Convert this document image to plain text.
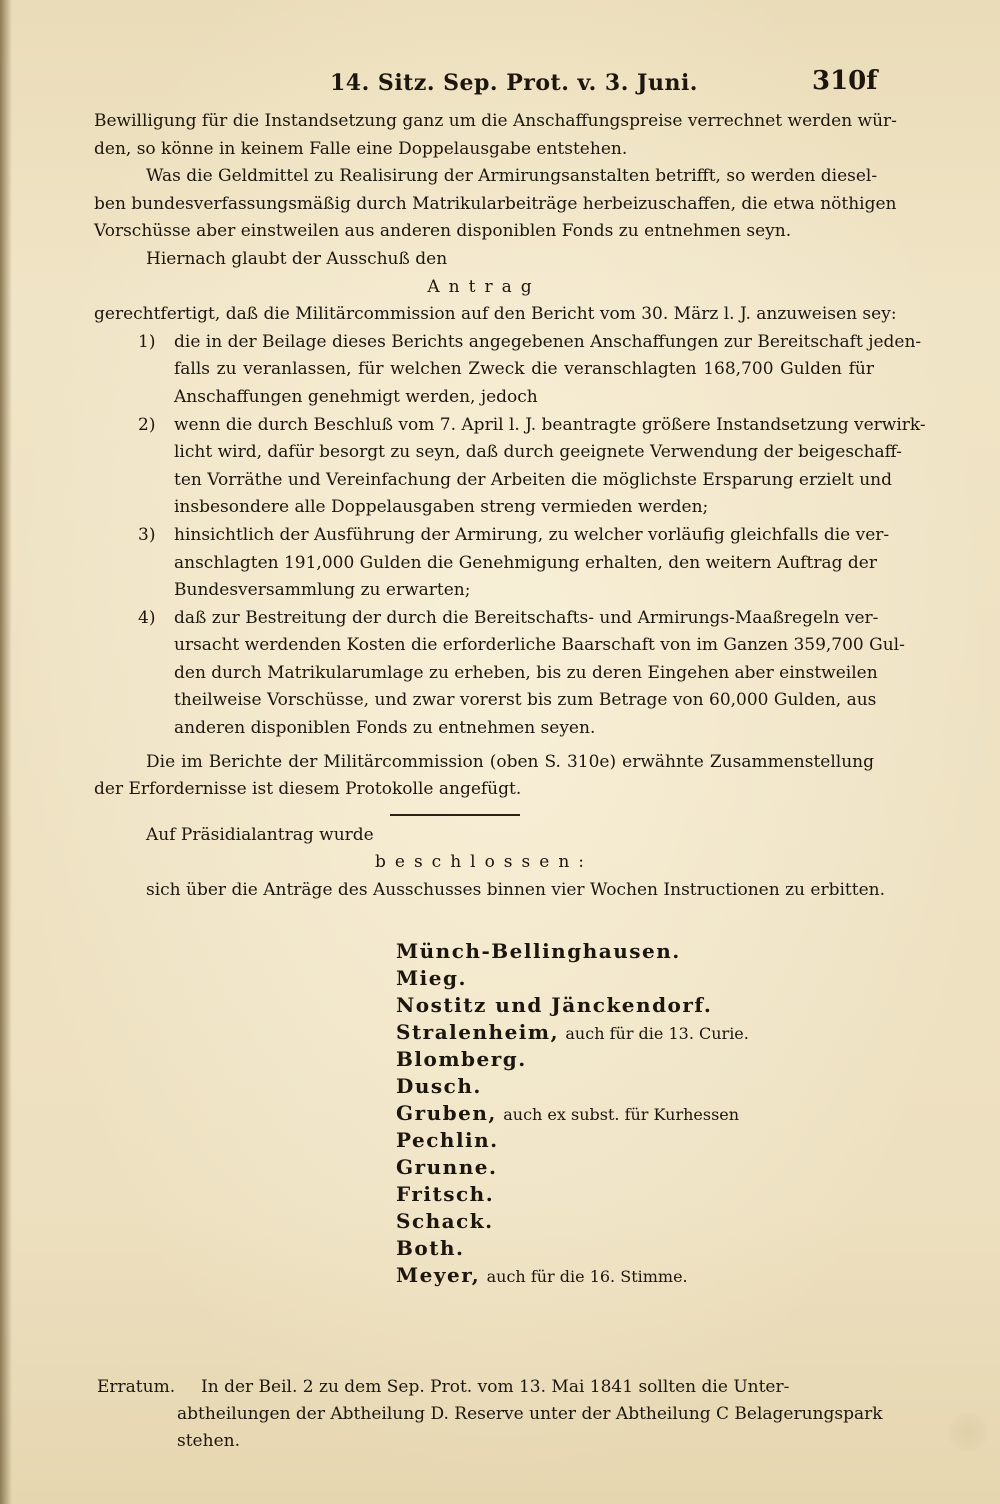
14. Sitz. Sep. Prot. v. 3. Juni.	310f
Bewilligung für die Instandsetzung ganz um die Anschaffungspreise verrechnet werden wür-
den, so könne in keinem Falle eine Doppelausgabe entstehen.
Was die Geldmittel zu Realisirung der Armirungsanstalten betrifft, so werden diesel-
ben bundesverfassungsmäßig durch Matrikularbeiträge herbeizuschaffen, die etwa nöthigen
Vorschüsse aber einstweilen aus anderen disponiblen Fonds zu entnehmen seyn.
Hiernach glaubt der Ausschuß den
Antrag
gerechtfertigt, daß die Militärcommission auf den Bericht vom 30. März l. J. anzuweisen sey:
1) die in der Beilage dieses Berichts angegebenen Anschaffungen zur Bereitschaft jeden-
falls zu veranlassen, für welchen Zweck die veranschlagten 168,700 Gulden für
Anschaffungen genehmigt werden, jedoch
2) wenn die durch Beschluß vom 7. April l. J. beantragte größere Instandsetzung verwirk-
licht wird, dafür besorgt zu seyn, daß durch geeignete Verwendung der beigeschaff-
ten Vorräthe und Vereinfachung der Arbeiten die möglichste Ersparung erzielt und
insbesondere alle Doppelausgaben streng vermieden werden;
3) hinsichtlich der Ausführung der Armirung, zu welcher vorläufig gleichfalls die ver-
anschlagten 191,000 Gulden die Genehmigung erhalten, den weitern Auftrag der
Bundesversammlung zu erwarten;
4) daß zur Bestreitung der durch die Bereitschafts- und Armirungs-Maaßregeln ver-
ursacht werdenden Kosten die erforderliche Baarschaft von im Ganzen 359,700 Gul-
den durch Matrikularumlage zu erheben, bis zu deren Eingehen aber einstweilen
theilweise Vorschüsse, und zwar vorerst bis zum Betrage von 60,000 Gulden, aus
anderen disponiblen Fonds zu entnehmen seyen.
Die im Berichte der Militärcommission (oben S. 310e) erwähnte Zusammenstellung
der Erfordernisse ist diesem Protokolle angefügt.
Auf Präsidialantrag wurde
beschlossen:
sich über die Anträge des Ausschusses binnen vier Wochen Instructionen zu erbitten.
Münch-Bellinghausen.
Mieg.
Nostitz und Jänckendorf.
Stralenheim, auch für die 13. Curie.
Blomberg.
Dusch.
Gruben, auch ex subst. für Kurhessen
Pechlin.
Grunne.
Fritsch.
Schack.
Both.
Meyer, auch für die 16. Stimme.
Erratum. In der Beil. 2 zu dem Sep. Prot. vom 13. Mai 1841 sollten die Unter-
abtheilungen der Abtheilung D. Reserve unter der Abtheilung C Belagerungspark
stehen.
